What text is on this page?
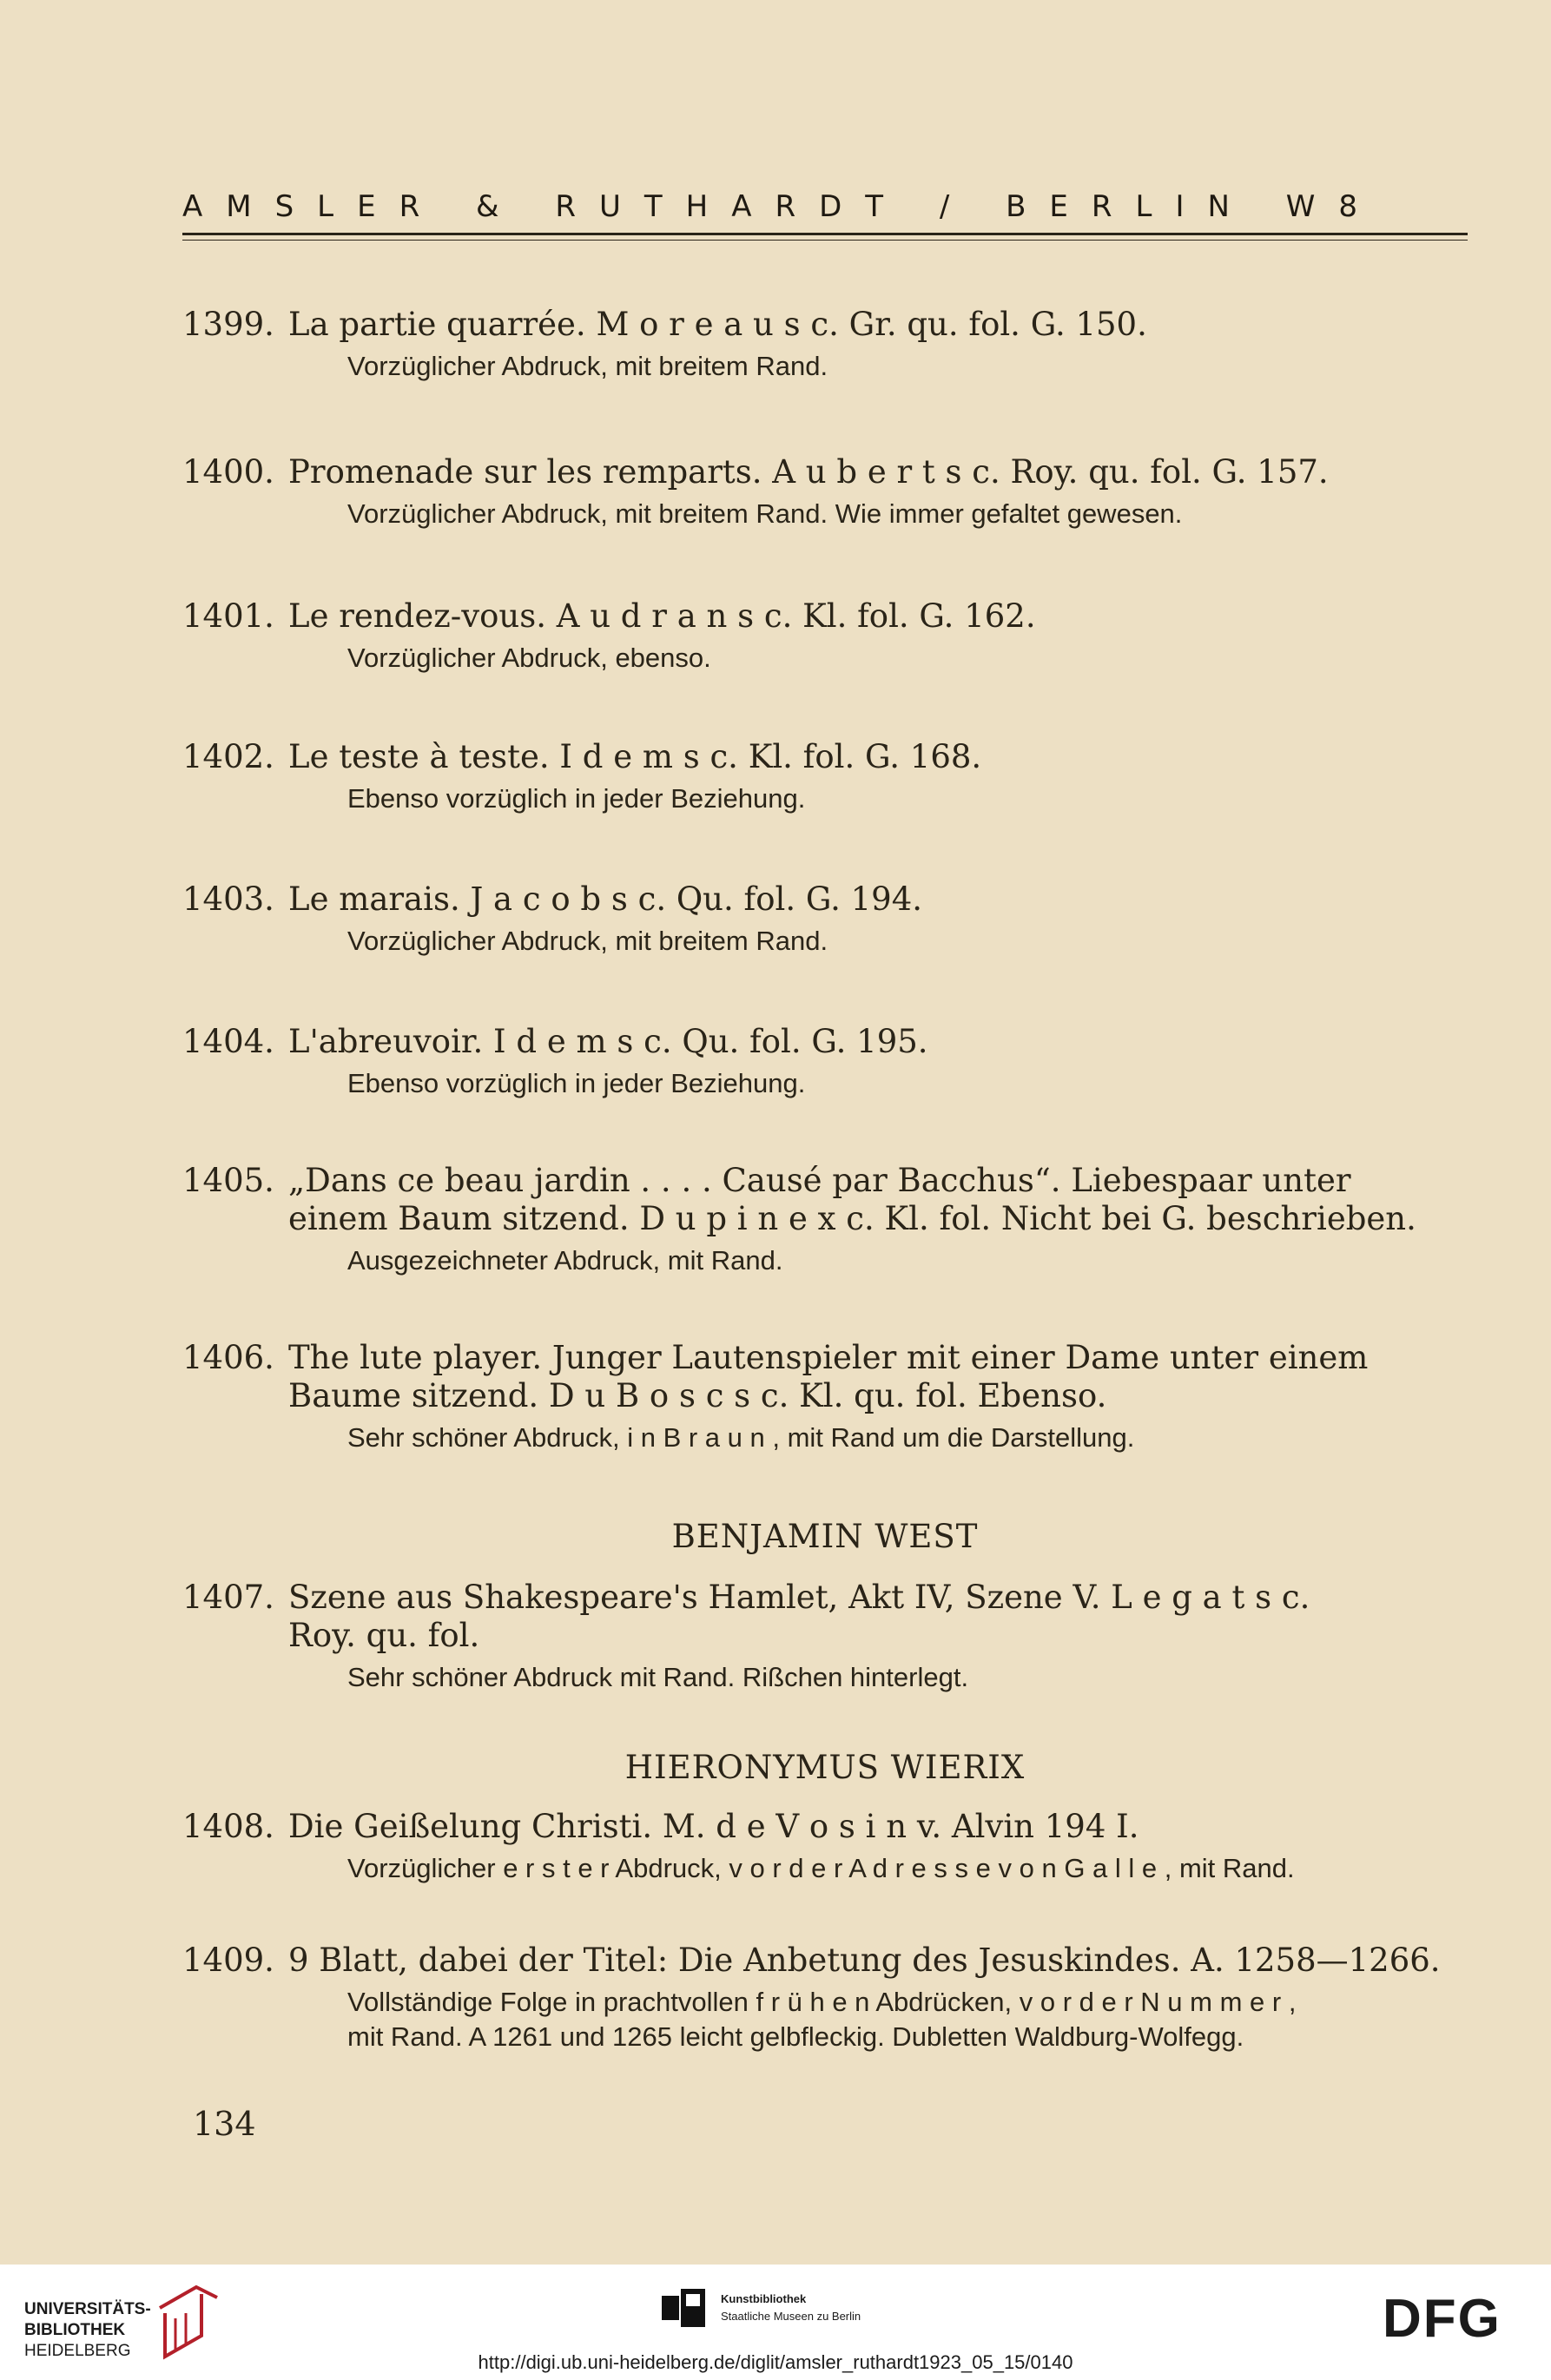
AMSLER & RUTHARDT / BERLIN W8
1399. La partie quarrée. M o r e a u s c. Gr. qu. fol. G. 150.
Vorzüglicher Abdruck, mit breitem Rand.
1400. Promenade sur les remparts. A u b e r t s c. Roy. qu. fol. G. 157.
Vorzüglicher Abdruck, mit breitem Rand. Wie immer gefaltet gewesen.
1401. Le rendez-vous. A u d r a n s c. Kl. fol. G. 162.
Vorzüglicher Abdruck, ebenso.
1402. Le teste à teste. I d e m s c. Kl. fol. G. 168.
Ebenso vorzüglich in jeder Beziehung.
1403. Le marais. J a c o b s c. Qu. fol. G. 194.
Vorzüglicher Abdruck, mit breitem Rand.
1404. L'abreuvoir. I d e m s c. Qu. fol. G. 195.
Ebenso vorzüglich in jeder Beziehung.
1405. „Dans ce beau jardin . . . . Causé par Bacchus“. Liebespaar unter
einem Baum sitzend. D u p i n e x c. Kl. fol. Nicht bei G. beschrieben.
Ausgezeichneter Abdruck, mit Rand.
1406. The lute player. Junger Lautenspieler mit einer Dame unter einem
Baume sitzend. D u B o s c s c. Kl. qu. fol. Ebenso.
Sehr schöner Abdruck, i n B r a u n , mit Rand um die Darstellung.
BENJAMIN WEST
1407. Szene aus Shakespeare's Hamlet, Akt IV, Szene V. L e g a t s c.
Roy. qu. fol.
Sehr schöner Abdruck mit Rand. Rißchen hinterlegt.
HIERONYMUS WIERIX
1408. Die Geißelung Christi. M. d e V o s i n v. Alvin 194 I.
Vorzüglicher e r s t e r Abdruck, v o r d e r A d r e s s e v o n G a l l e , mit Rand.
1409. 9 Blatt, dabei der Titel: Die Anbetung des Jesuskindes. A. 1258—1266.
Vollständige Folge in prachtvollen f r ü h e n Abdrücken, v o r d e r N u m m e r ,
mit Rand. A 1261 und 1265 leicht gelbfleckig. Dubletten Waldburg-Wolfegg.
134
UNIVERSITÄTS-
BIBLIOTHEK
HEIDELBERG
Kunstbibliothek
Staatliche Museen zu Berlin	DFG
http://digi.ub.uni-heidelberg.de/diglit/amsler_ruthardt1923_05_15/0140
